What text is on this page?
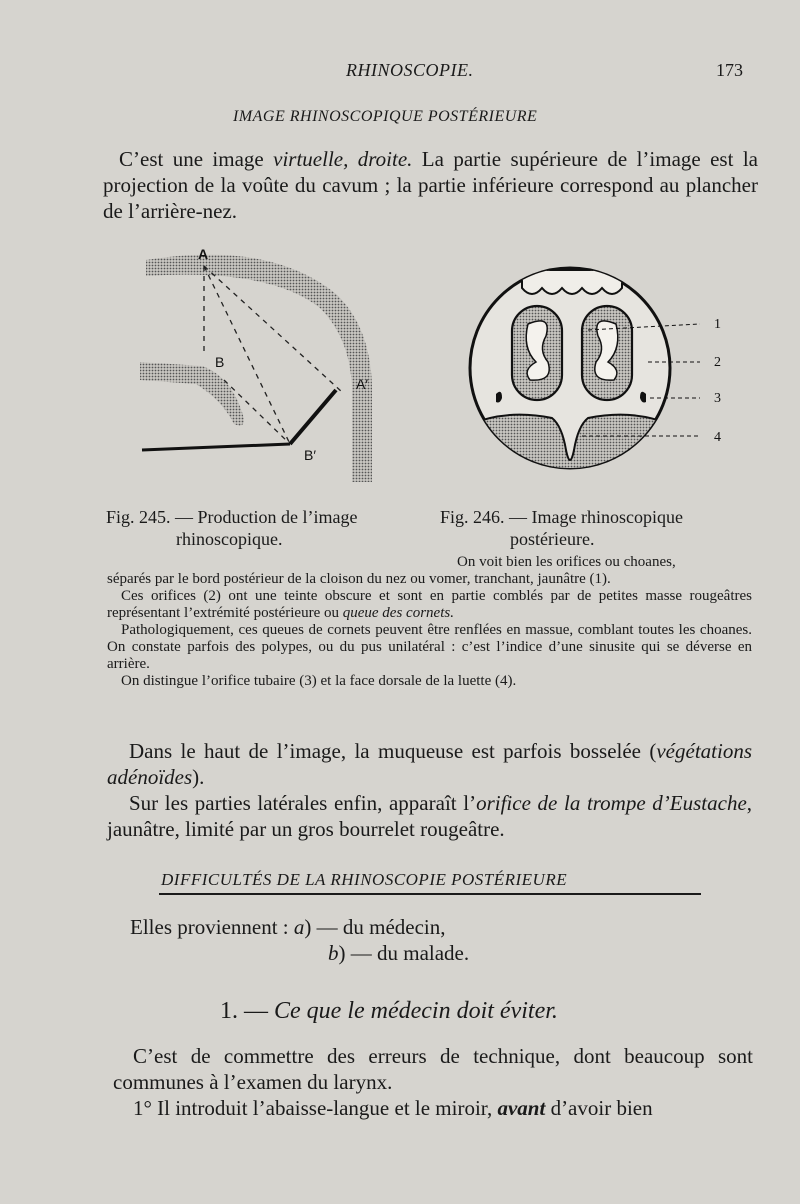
RHINOSCOPIE.	173
IMAGE RHINOSCOPIQUE POSTÉRIEURE
C’est une image virtuelle, droite. La partie supérieure de l’image est la projection de la voûte du cavum ; la partie inférieure correspond au plancher de l’arrière-nez.
A
B
A′
B′
1
2
3
4
Fig. 245. — Production de l’image
rhinoscopique.
Fig. 246. — Image rhinoscopique
postérieure.
On voit bien les orifices ou choanes,
séparés par le bord postérieur de la cloison du nez ou vomer, tranchant, jaunâtre (1).
Ces orifices (2) ont une teinte obscure et sont en partie comblés par de petites masse rougeâtres représentant l’extrémité postérieure ou queue des cornets.
Pathologiquement, ces queues de cornets peuvent être renflées en massue, comblant toutes les choanes. On constate parfois des polypes, ou du pus unilatéral : c’est l’indice d’une sinusite qui se déverse en arrière.
On distingue l’orifice tubaire (3) et la face dorsale de la luette (4).

Dans le haut de l’image, la muqueuse est parfois bosselée (végétations adénoïdes).

Sur les parties latérales enfin, apparaît l’orifice de la trompe d’Eustache, jaunâtre, limité par un gros bourrelet rougeâtre.

DIFFICULTÉS DE LA RHINOSCOPIE POSTÉRIEURE
Elles proviennent : a) — du médecin,
b) — du malade.
1. — Ce que le médecin doit éviter.

C’est de commettre des erreurs de technique, dont beaucoup sont communes à l’examen du larynx.

1° Il introduit l’abaisse-langue et le miroir, avant d’avoir bien
